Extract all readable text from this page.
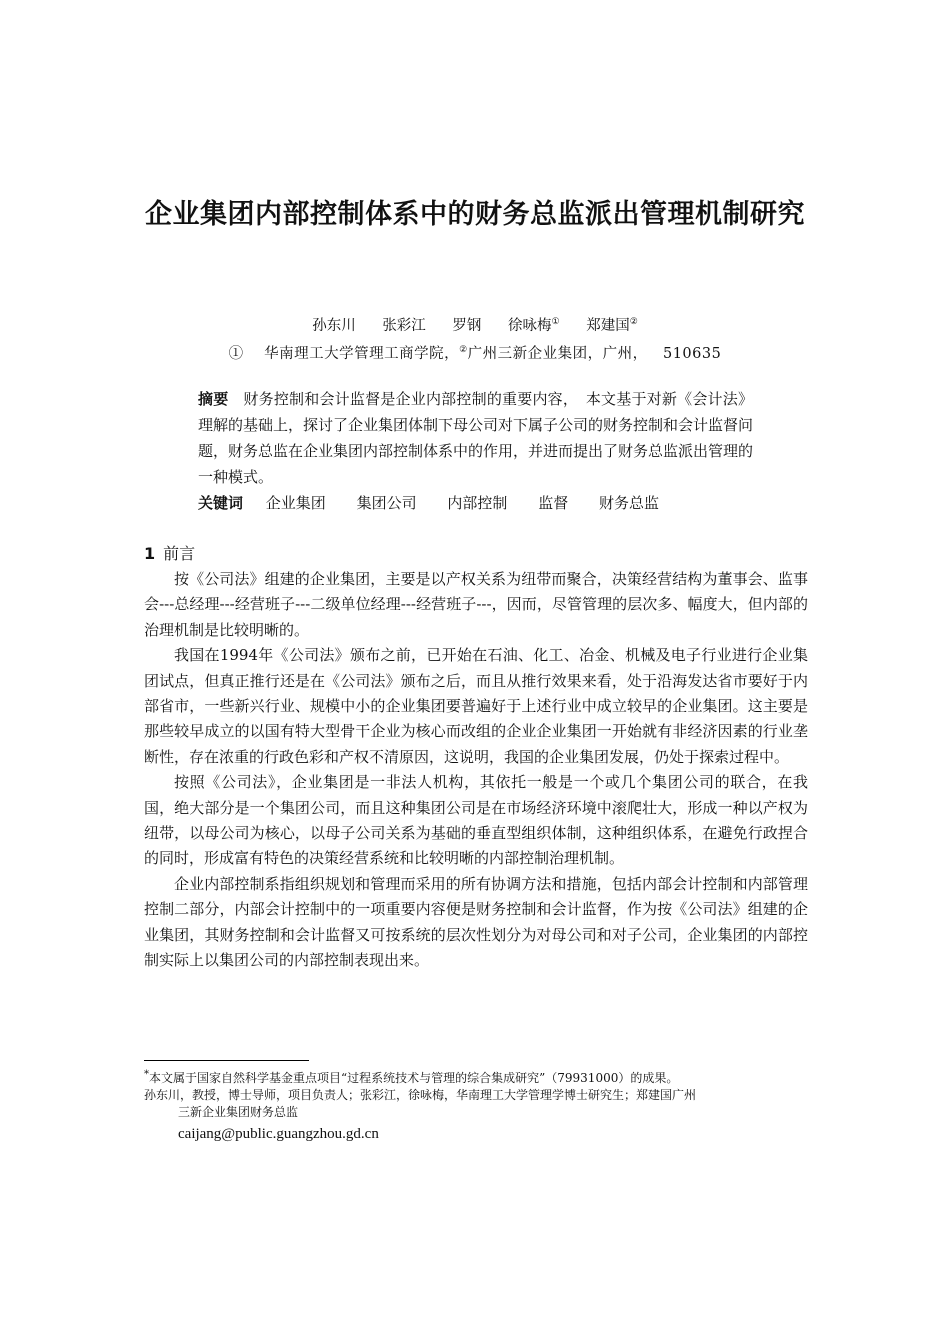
企业集团内部控制体系中的财务总监派出管理机制研究
孙东川 张彩江 罗钢 徐咏梅① 郑建国②
① 华南理工大学管理工商学院，②广州三新企业集团，广州， 510635
摘要 财务控制和会计监督是企业内部控制的重要内容，　本文基于对新《会计法》理解的基础上，探讨了企业集团体制下母公司对下属子公司的财务控制和会计监督问题，财务总监在企业集团内部控制体系中的作用，并进而提出了财务总监派出管理的一种模式。
关键词 企业集团 集团公司 内部控制 监督 财务总监
1 前言

按《公司法》组建的企业集团，主要是以产权关系为纽带而聚合，决策经营结构为董事会、监事会---总经理---经营班子---二级单位经理---经营班子---，因而，尽管管理的层次多、幅度大，但内部的治理机制是比较明晰的。

我国在1994年《公司法》颁布之前，已开始在石油、化工、冶金、机械及电子行业进行企业集团试点，但真正推行还是在《公司法》颁布之后，而且从推行效果来看，处于沿海发达省市要好于内部省市，一些新兴行业、规模中小的企业集团要普遍好于上述行业中成立较早的企业集团。这主要是那些较早成立的以国有特大型骨干企业为核心而改组的企业企业集团一开始就有非经济因素的行业垄断性，存在浓重的行政色彩和产权不清原因，这说明，我国的企业集团发展，仍处于探索过程中。

按照《公司法》，企业集团是一非法人机构，其依托一般是一个或几个集团公司的联合，在我国，绝大部分是一个集团公司，而且这种集团公司是在市场经济环境中滚爬壮大，形成一种以产权为纽带，以母公司为核心，以母子公司关系为基础的垂直型组织体制，这种组织体系，在避免行政捏合的同时，形成富有特色的决策经营系统和比较明晰的内部控制治理机制。

企业内部控制系指组织规划和管理而采用的所有协调方法和措施，包括内部会计控制和内部管理控制二部分，内部会计控制中的一项重要内容便是财务控制和会计监督，作为按《公司法》组建的企业集团，其财务控制和会计监督又可按系统的层次性划分为对母公司和对子公司，企业集团的内部控制实际上以集团公司的内部控制表现出来。

*本文属于国家自然科学基金重点项目“过程系统技术与管理的综合集成研究”（79931000）的成果。
孙东川，教授，博士导师，项目负责人；张彩江，徐咏梅，华南理工大学管理学博士研究生；郑建国广州
三新企业集团财务总监
caijang@public.guangzhou.gd.cn
